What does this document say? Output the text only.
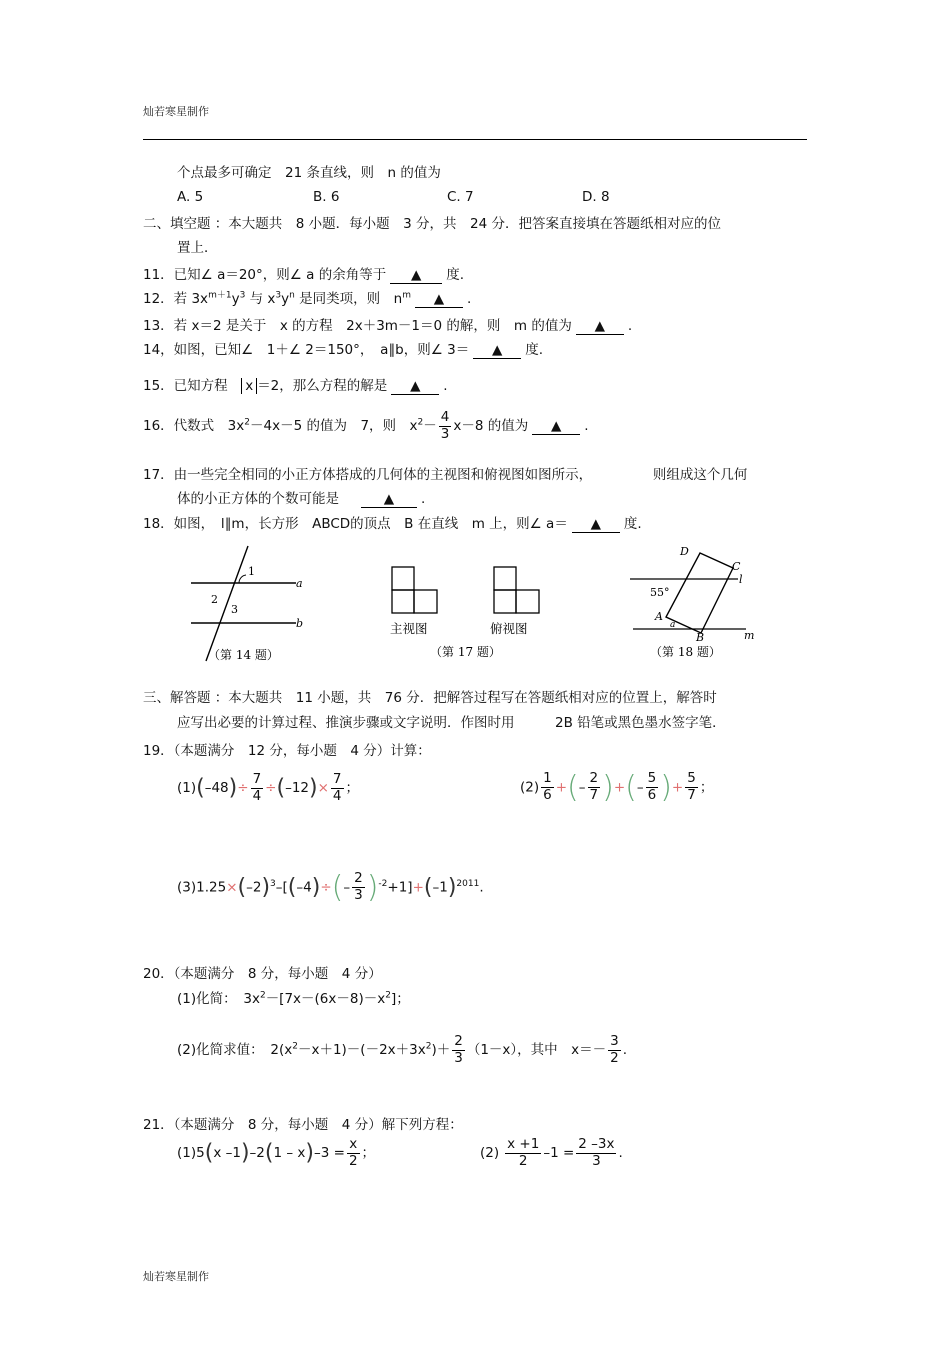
灿若寒星制作
个点最多可确定　21 条直线，则　n 的值为
A. 5	B. 6	C. 7	D. 8
二、填空题 ：本大题共　8 小题．每小题　3 分，共　24 分．把答案直接填在答题纸相对应的位
置上．
11．已知∠ a＝20°，则∠ a 的余角等于 ▲ 度.
12．若 $3x^{m+1}y^3$ 与 $x^3y^n$ 是同类项，则　$n^m$ ▲ .
13．若 x＝2 是关于　x 的方程　2x＋3m－1＝0 的解，则　m 的值为 ▲ .
14，如图，已知∠　1＋∠ 2＝150°，　a∥b，则∠ 3＝ ▲ 度.
15．已知方程　x ＝2，那么方程的解是 ▲ .
16．代数式　$3x^2-4x-5$ 的值为　7，则　$x^2- \frac{4}{3} x-8$ 的值为 ▲ .
17．由一些完全相同的小正方体搭成的几何体的主视图和俯视图如图所示，　　　　　则组成这个几何
体的小正方体的个数可能是	▲ .
18．如图，　l∥m，长方形　ABCD的顶点　B 在直线　m 上，则∠ a＝ ▲ 度.
1
2
3
a
b
（第 14 题）
主视图	俯视图
（第 17 题）
D
C
l
55°
A
a
B	m
（第 18 题）
三、解答题 ：本大题共　11 小题，共　76 分．把解答过程写在答题纸相对应的位置上，解答时
应写出必要的计算过程、推演步骤或文字说明．作图时用　　　2B 铅笔或黑色墨水签字笔．
19．（本题满分　12 分，每小题　4 分）计算：
$(1)(-48)\div \frac{7}{4} \div(-12)\times \frac{7}{4}$ ；	$(2) \frac{1}{6}$ +(– $\frac{2}{7}$ )+(– $\frac{5}{6}$ )+ $\frac{5}{7}$ ；
$(3)1.25\times(-2)^3-[(-4)\div(- \frac{2}{3} )^{-2}+1]+(-1)^{2011}$.
20．（本题满分　8 分，每小题　4 分）
(1)化简：　$3x^2-[7x-(6x-8)-x^2]$；
(2)化简求值：　$2(x^2-x+1)-(-2x+3x^2)+ \frac{2}{3} (1-x)$，其中　$x=- \frac{3}{2}$ .
21．（本题满分　8 分，每小题　4 分）解下列方程：
(1)5(x $-1)-2(1 - x)-3 = \frac{x}{2}$ ；	$(2) \frac{x +1}{2} -1 = \frac{2 -3x}{3}$ .
灿若寒星制作
